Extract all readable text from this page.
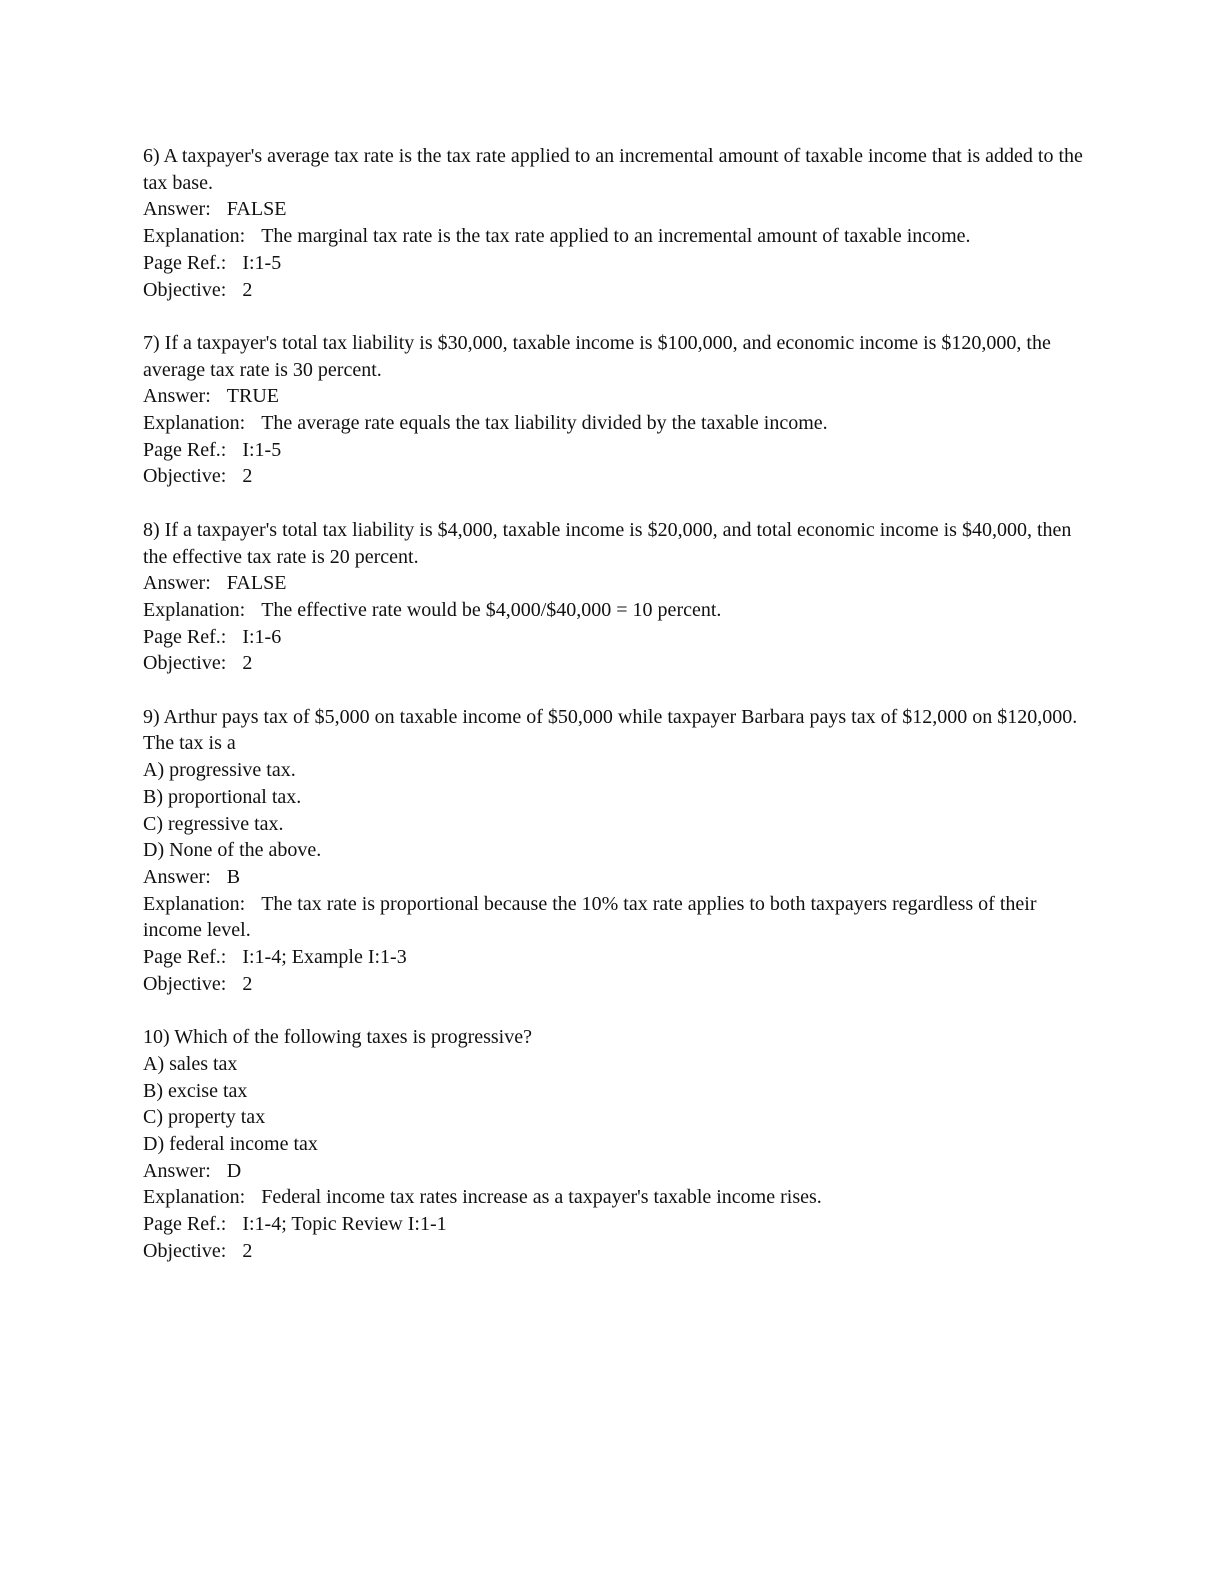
6) A taxpayer's average tax rate is the tax rate applied to an incremental amount of taxable income that is added to the tax base.
Answer: FALSE
Explanation: The marginal tax rate is the tax rate applied to an incremental amount of taxable income.
Page Ref.: I:1-5
Objective: 2
7) If a taxpayer's total tax liability is $30,000, taxable income is $100,000, and economic income is $120,000, the average tax rate is 30 percent.
Answer: TRUE
Explanation: The average rate equals the tax liability divided by the taxable income.
Page Ref.: I:1-5
Objective: 2
8) If a taxpayer's total tax liability is $4,000, taxable income is $20,000, and total economic income is $40,000, then the effective tax rate is 20 percent.
Answer: FALSE
Explanation: The effective rate would be $4,000/$40,000 = 10 percent.
Page Ref.: I:1-6
Objective: 2
9) Arthur pays tax of $5,000 on taxable income of $50,000 while taxpayer Barbara pays tax of $12,000 on $120,000. The tax is a
A) progressive tax.
B) proportional tax.
C) regressive tax.
D) None of the above.
Answer: B
Explanation: The tax rate is proportional because the 10% tax rate applies to both taxpayers regardless of their income level.
Page Ref.: I:1-4; Example I:1-3
Objective: 2
10) Which of the following taxes is progressive?
A) sales tax
B) excise tax
C) property tax
D) federal income tax
Answer: D
Explanation: Federal income tax rates increase as a taxpayer's taxable income rises.
Page Ref.: I:1-4; Topic Review I:1-1
Objective: 2
